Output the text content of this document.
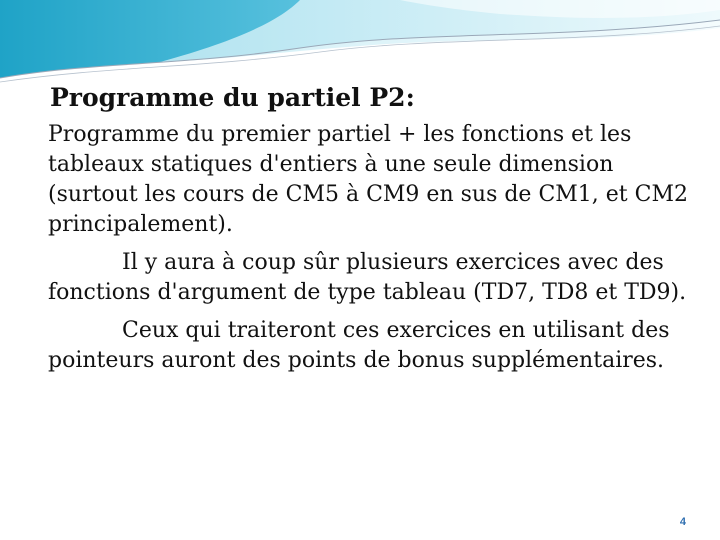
Programme du partiel P2:

Programme du premier partiel + les fonctions et les tableaux statiques d'entiers à une seule dimension (surtout les cours de CM5 à CM9 en sus de CM1, et CM2 principalement).

Il y aura à coup sûr plusieurs exercices avec des fonctions d'argument de type tableau (TD7, TD8 et TD9).

Ceux qui traiteront ces exercices en utilisant des pointeurs auront des points de bonus supplémentaires.

4
